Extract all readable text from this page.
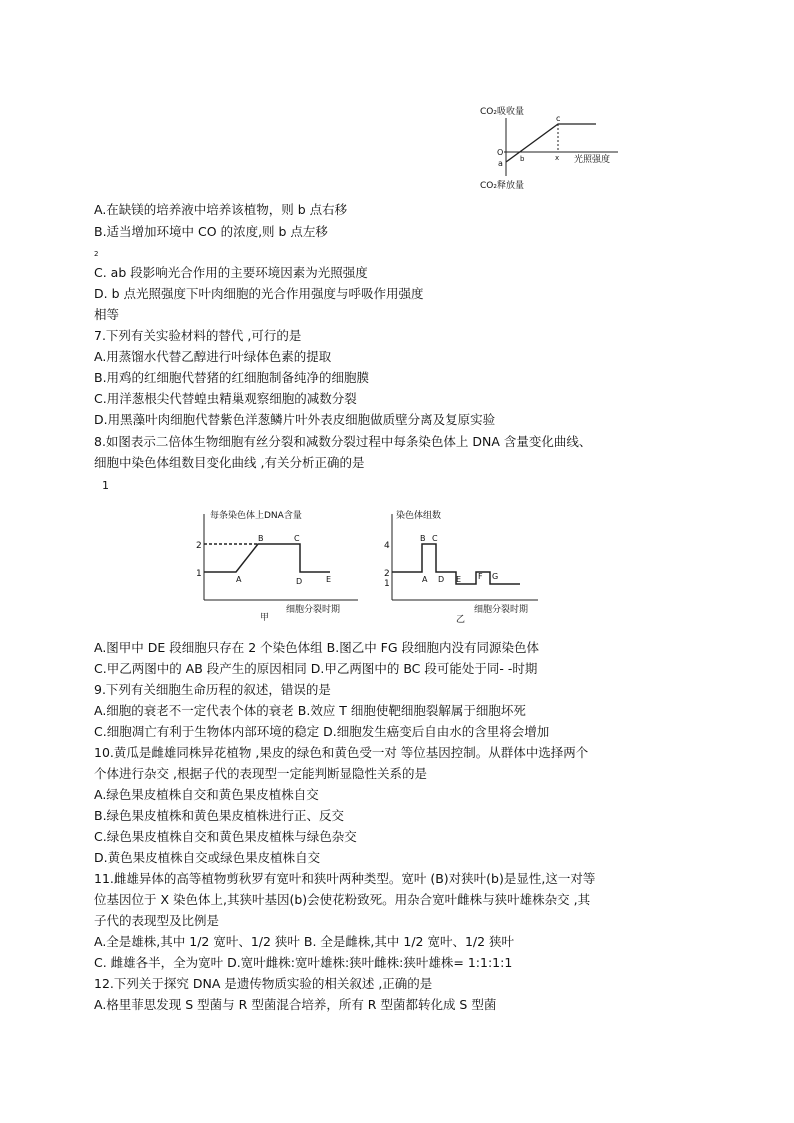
CO₂吸收量
O
a b
c
x 光照强度
CO₂释放量
A.在缺镁的培养液中培养该植物，则 b 点右移
B.适当增加环境中 CO 的浓度,则 b 点左移
2
C. ab 段影响光合作用的主要环境因素为光照强度
D. b 点光照强度下叶肉细胞的光合作用强度与呼吸作用强度
相等
7.下列有关实验材料的替代 ,可行的是
A.用蒸馏水代替乙醇进行叶绿体色素的提取
B.用鸡的红细胞代替猪的红细胞制备纯净的细胞膜
C.用洋葱根尖代替蝗虫精巢观察细胞的减数分裂
D.用黑藻叶肉细胞代替紫色洋葱鳞片叶外表皮细胞做质壁分离及复原实验
8.如图表示二倍体生物细胞有丝分裂和减数分裂过程中每条染色体上 DNA 含量变化曲线、
细胞中染色体组数目变化曲线 ,有关分析正确的是
1
每条染色体上DNA含量
2
1
A
B	C
D	E
细胞分裂时期
甲
染色体组数
4
2
1	A
B C
D E F G
细胞分裂时期
乙
A.图甲中 DE 段细胞只存在 2 个染色体组 B.图乙中 FG 段细胞内没有同源染色体
C.甲乙两图中的 AB 段产生的原因相同 D.甲乙两图中的 BC 段可能处于同- -时期
9.下列有关细胞生命历程的叙述，错误的是
A.细胞的衰老不一定代表个体的衰老 B.效应 T 细胞使靶细胞裂解属于细胞坏死
C.细胞凋亡有利于生物体内部环境的稳定 D.细胞发生癌变后自由水的含里将会增加
10.黄瓜是雌雄同株异花植物 ,果皮的绿色和黄色受一对 等位基因控制。从群体中选择两个
个体进行杂交 ,根据子代的表现型一定能判断显隐性关系的是
A.绿色果皮植株自交和黄色果皮植株自交
B.绿色果皮植株和黄色果皮植株进行正、反交
C.绿色果皮植株自交和黄色果皮植株与绿色杂交
D.黄色果皮植株自交或绿色果皮植株自交
11.雌雄异体的高等植物剪秋罗有宽叶和狭叶两种类型。宽叶 (B)对狭叶(b)是显性,这一对等
位基因位于 X 染色体上,其狭叶基因(b)会使花粉致死。用杂合宽叶雌株与狭叶雄株杂交 ,其
子代的表现型及比例是
A.全是雄株,其中 1/2 宽叶、1/2 狭叶 B. 全是雌株,其中 1/2 宽叶、1/2 狭叶
C. 雌雄各半，全为宽叶 D.宽叶雌株:宽叶雄株:狭叶雌株:狭叶雄株= 1:1:1:1
12.下列关于探究 DNA 是遗传物质实验的相关叙述 ,正确的是
A.格里菲思发现 S 型菌与 R 型菌混合培养，所有 R 型菌都转化成 S 型菌
